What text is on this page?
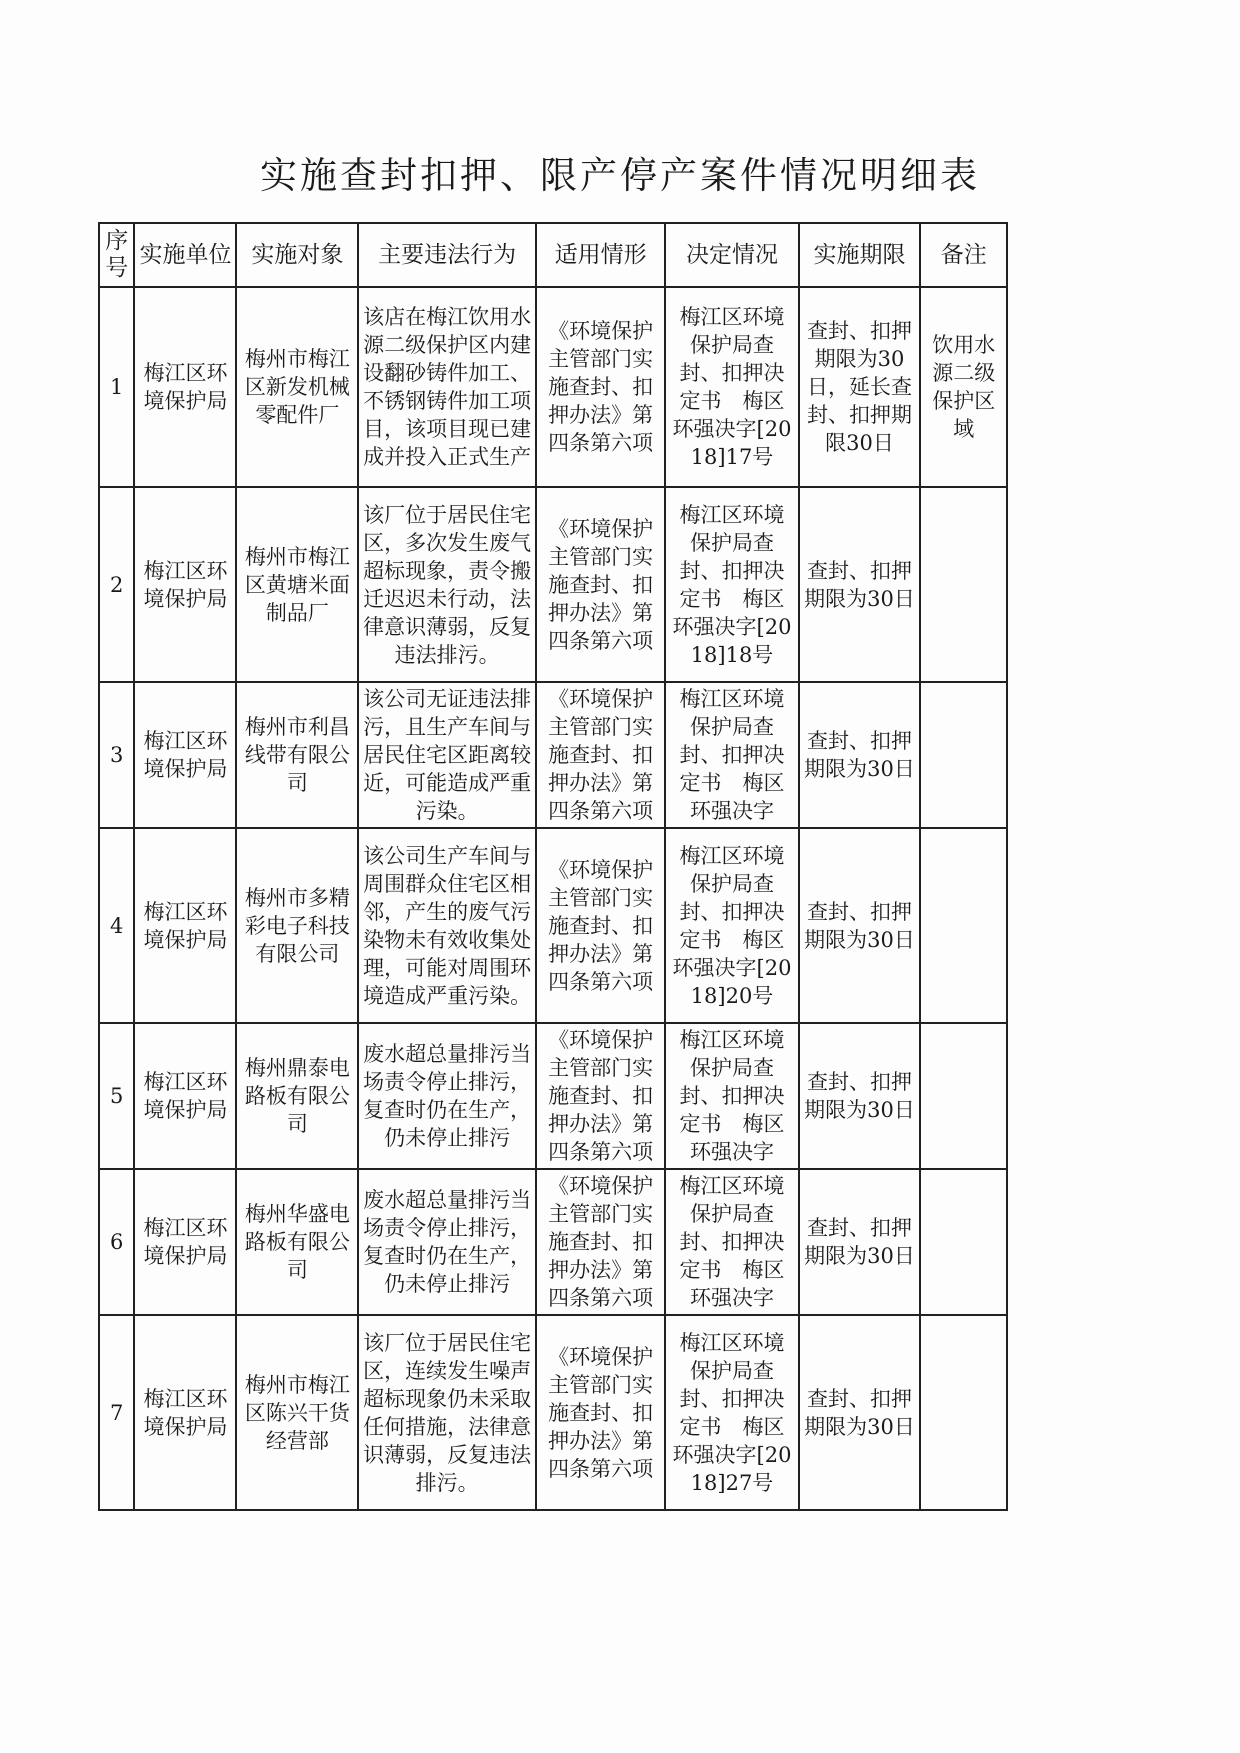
实施查封扣押、限产停产案件情况明细表
序号	实施单位	实施对象	主要违法行为	适用情形	决定情况	实施期限	备注
1	梅江区环境保护局	梅州市梅江区新发机械零配件厂	该店在梅江饮用水源二级保护区内建设翻砂铸件加工、不锈钢铸件加工项目，该项目现已建成并投入正式生产	《环境保护主管部门实施查封、扣押办法》第四条第六项	梅江区环境保护局查封、扣押决定书　梅区环强决字[2018]17号	查封、扣押期限为30日，延长查封、扣押期限30日	饮用水源二级保护区域
2	梅江区环境保护局	梅州市梅江区黄塘米面制品厂	该厂位于居民住宅区，多次发生废气超标现象，责令搬迁迟迟未行动，法律意识薄弱，反复违法排污。	《环境保护主管部门实施查封、扣押办法》第四条第六项	梅江区环境保护局查封、扣押决定书　梅区环强决字[2018]18号	查封、扣押期限为30日	
3	梅江区环境保护局	梅州市利昌线带有限公司	该公司无证违法排污，且生产车间与居民住宅区距离较近，可能造成严重污染。	《环境保护主管部门实施查封、扣押办法》第四条第六项	梅江区环境保护局查封、扣押决定书　梅区环强决字	查封、扣押期限为30日	
4	梅江区环境保护局	梅州市多精彩电子科技有限公司	该公司生产车间与周围群众住宅区相邻，产生的废气污染物未有效收集处理，可能对周围环境造成严重污染。	《环境保护主管部门实施查封、扣押办法》第四条第六项	梅江区环境保护局查封、扣押决定书　梅区环强决字[2018]20号	查封、扣押期限为30日	
5	梅江区环境保护局	梅州鼎泰电路板有限公司	废水超总量排污当场责令停止排污，复查时仍在生产，仍未停止排污	《环境保护主管部门实施查封、扣押办法》第四条第六项	梅江区环境保护局查封、扣押决定书　梅区环强决字	查封、扣押期限为30日	
6	梅江区环境保护局	梅州华盛电路板有限公司	废水超总量排污当场责令停止排污，复查时仍在生产，仍未停止排污	《环境保护主管部门实施查封、扣押办法》第四条第六项	梅江区环境保护局查封、扣押决定书　梅区环强决字	查封、扣押期限为30日	
7	梅江区环境保护局	梅州市梅江区陈兴干货经营部	该厂位于居民住宅区，连续发生噪声超标现象仍未采取任何措施，法律意识薄弱，反复违法排污。	《环境保护主管部门实施查封、扣押办法》第四条第六项	梅江区环境保护局查封、扣押决定书　梅区环强决字[2018]27号	查封、扣押期限为30日	
